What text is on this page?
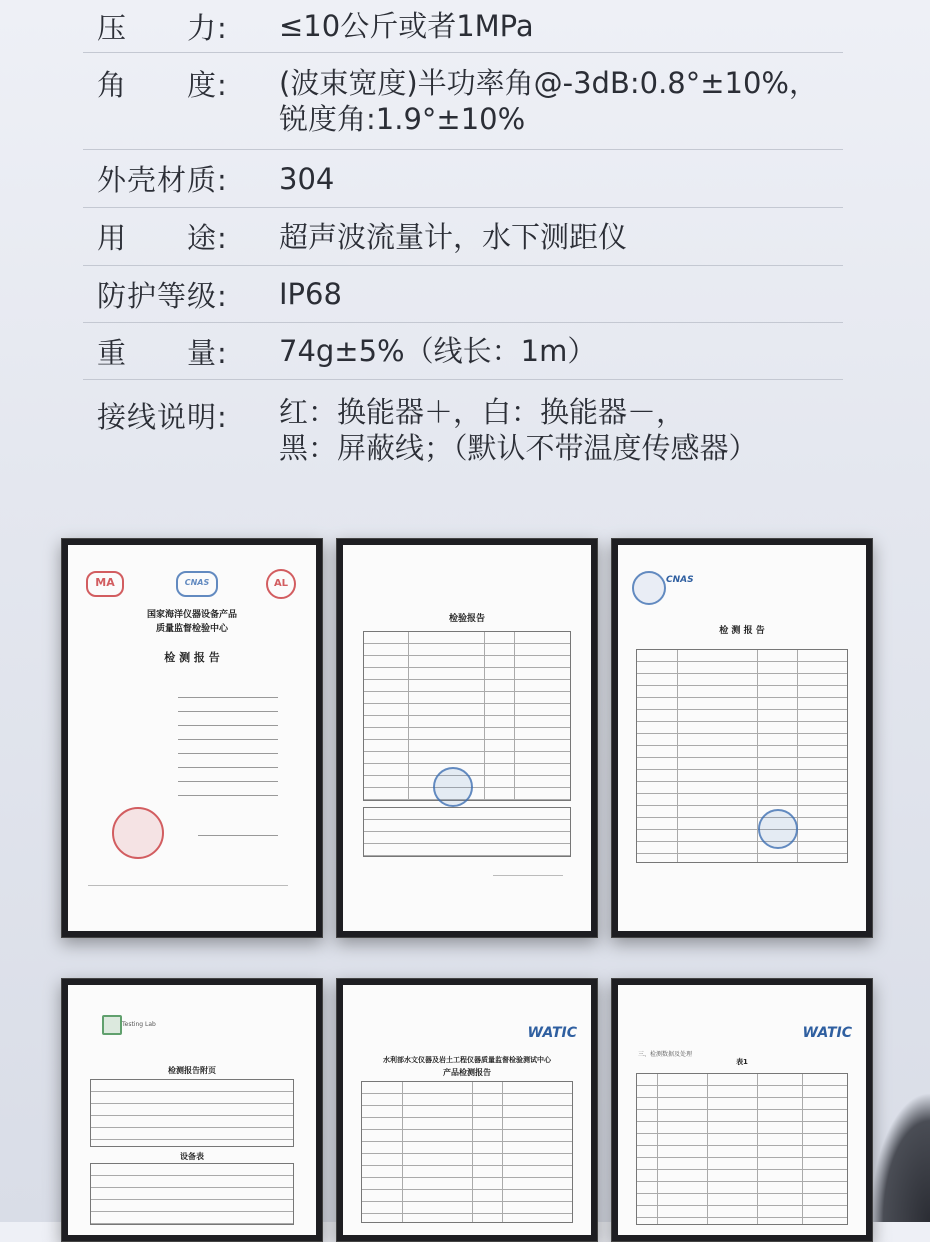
压　　力:	≤10公斤或者1MPa
角　　度:	(波束宽度)半功率角@-3dB:0.8°±10%，
锐度角:1.9°±10%
外壳材质:	304
用　　途:	超声波流量计，水下测距仪
防护等级:	IP68
重　　量:	74g±5%（线长：1m）
接线说明:	红：换能器＋，白：换能器－，
黑：屏蔽线；（默认不带温度传感器）
MA	CNAS	AL
国家海洋仪器设备产品
质量监督检验中心
检 测 报 告
检验报告
CNAS
检 测 报 告
Testing Lab
检测报告附页
设备表
WATIC
水利部水文仪器及岩土工程仪器质量监督检验测试中心
产品检测报告
WATIC
三、检测数据及处理
表1
